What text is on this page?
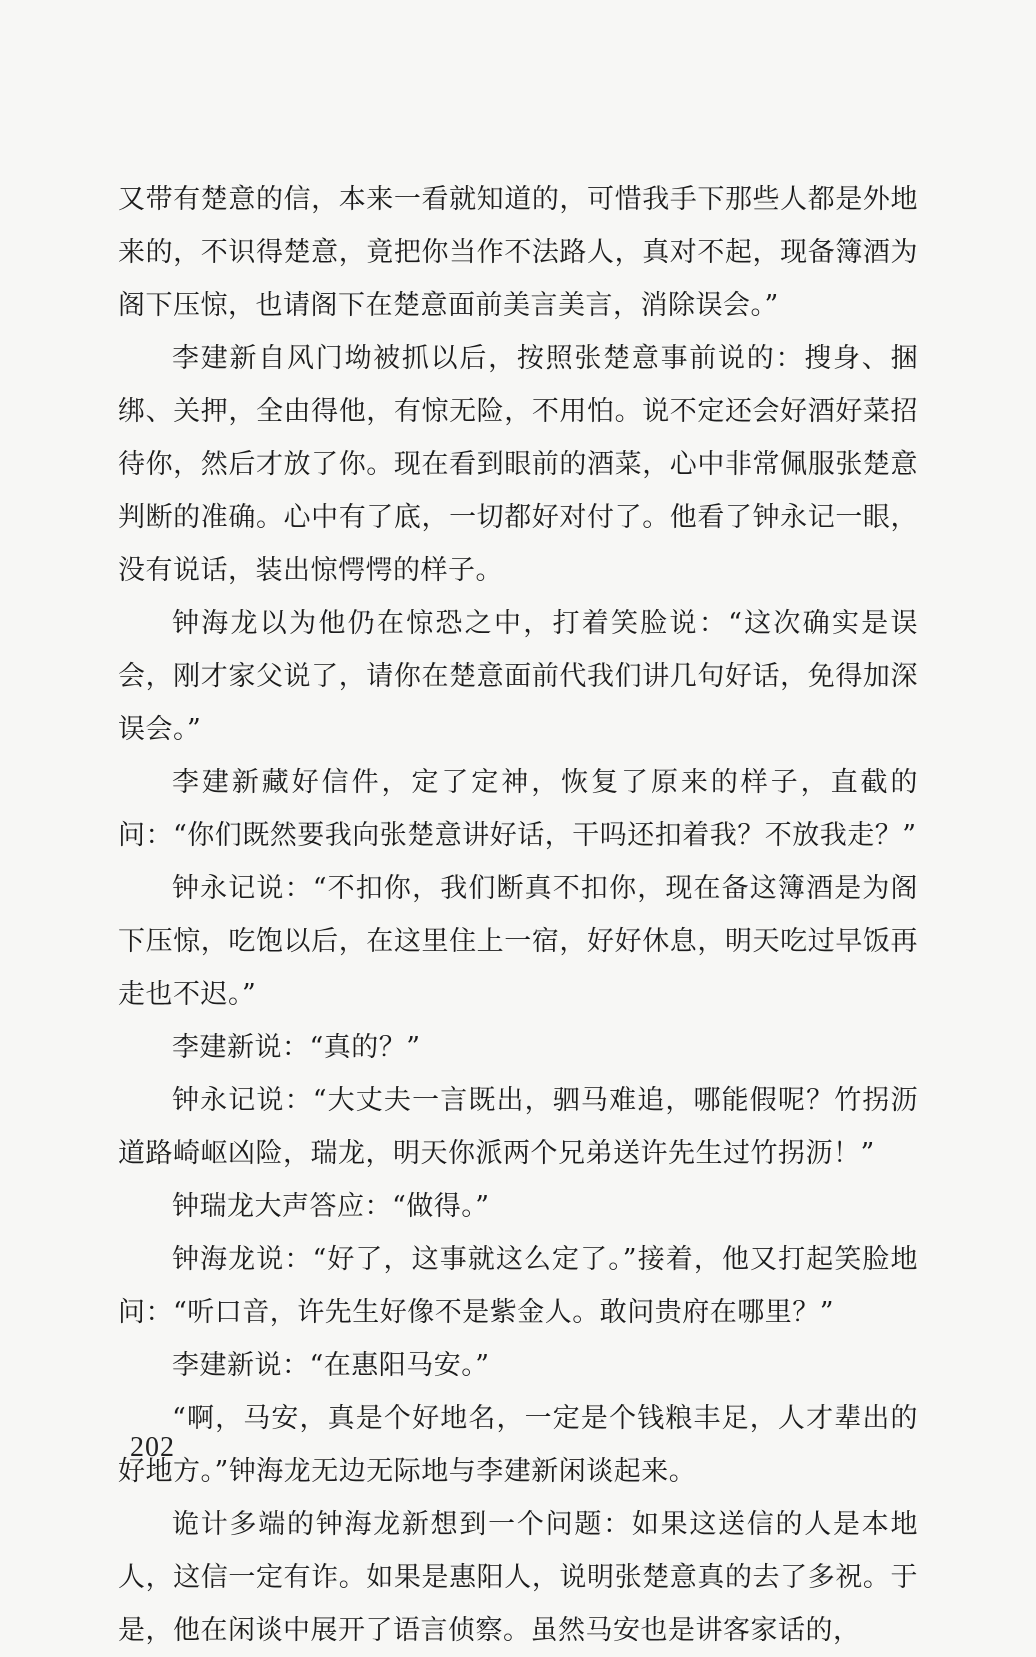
又带有楚意的信，本来一看就知道的，可惜我手下那些人都是外地来的，不识得楚意，竟把你当作不法路人，真对不起，现备簿酒为阁下压惊，也请阁下在楚意面前美言美言，消除误会。”

李建新自风门坳被抓以后，按照张楚意事前说的：搜身、捆绑、关押，全由得他，有惊无险，不用怕。说不定还会好酒好菜招待你，然后才放了你。现在看到眼前的酒菜，心中非常佩服张楚意判断的准确。心中有了底，一切都好对付了。他看了钟永记一眼，没有说话，装出惊愕愕的样子。

钟海龙以为他仍在惊恐之中，打着笑脸说：“这次确实是误会，刚才家父说了，请你在楚意面前代我们讲几句好话，免得加深误会。”

李建新藏好信件，定了定神，恢复了原来的样子，直截的问：“你们既然要我向张楚意讲好话，干吗还扣着我？不放我走？”

钟永记说：“不扣你，我们断真不扣你，现在备这簿酒是为阁下压惊，吃饱以后，在这里住上一宿，好好休息，明天吃过早饭再走也不迟。”

李建新说：“真的？”

钟永记说：“大丈夫一言既出，驷马难追，哪能假呢？竹拐沥道路崎岖凶险，瑞龙，明天你派两个兄弟送许先生过竹拐沥！”

钟瑞龙大声答应：“做得。”

钟海龙说：“好了，这事就这么定了。”接着，他又打起笑脸地问：“听口音，许先生好像不是紫金人。敢问贵府在哪里？”

李建新说：“在惠阳马安。”

“啊，马安，真是个好地名，一定是个钱粮丰足，人才辈出的好地方。”钟海龙无边无际地与李建新闲谈起来。

诡计多端的钟海龙新想到一个问题：如果这送信的人是本地人，这信一定有诈。如果是惠阳人，说明张楚意真的去了多祝。于是，他在闲谈中展开了语言侦察。虽然马安也是讲客家话的，

202
